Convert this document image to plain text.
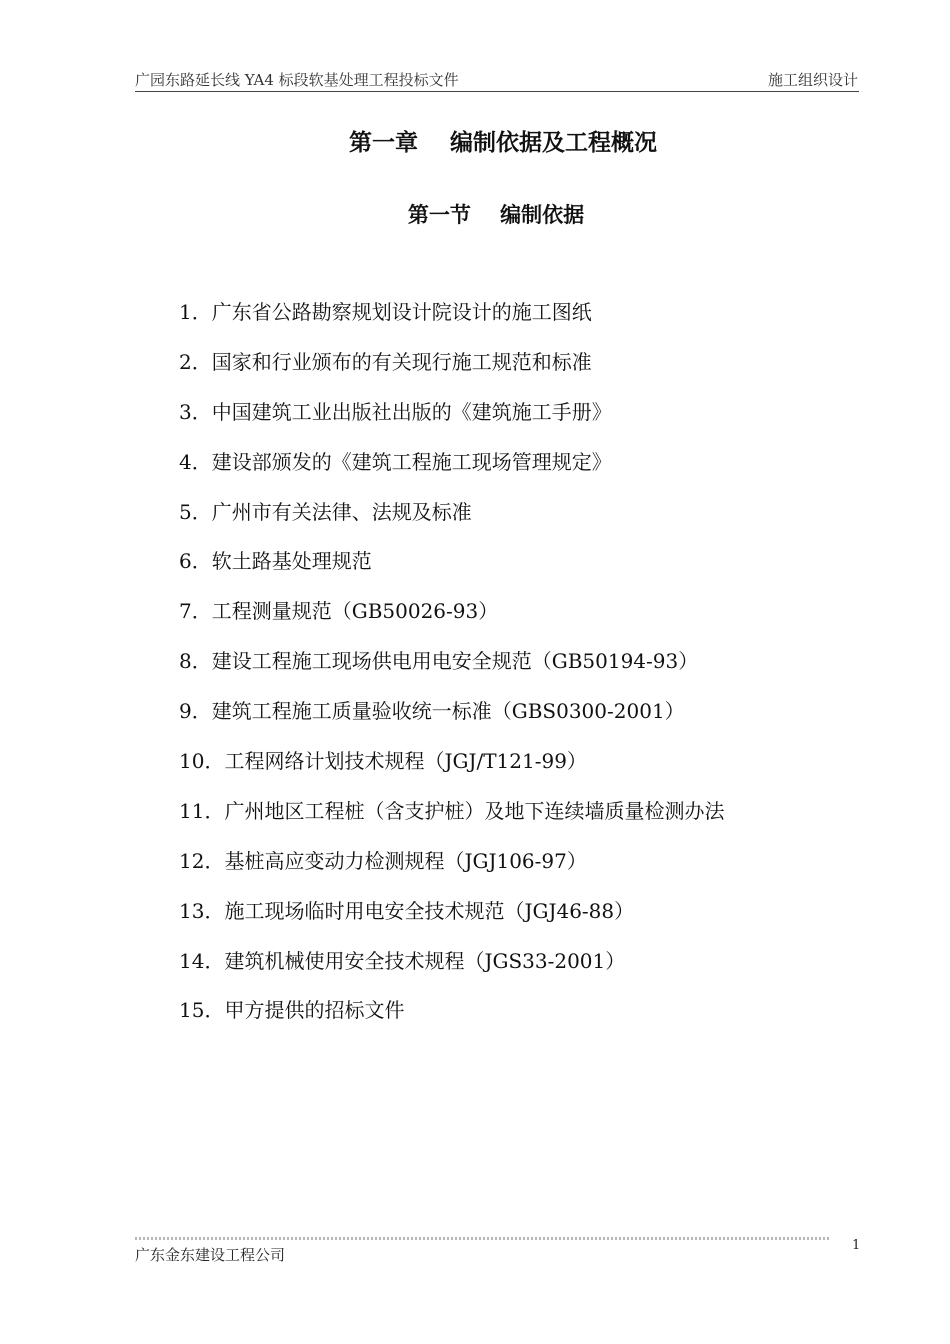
广园东路延长线 YA4 标段软基处理工程投标文件	施工组织设计
第一章    编制依据及工程概况
第一节    编制依据
1．广东省公路勘察规划设计院设计的施工图纸
2．国家和行业颁布的有关现行施工规范和标准
3．中国建筑工业出版社出版的《建筑施工手册》
4．建设部颁发的《建筑工程施工现场管理规定》
5．广州市有关法律、法规及标准
6．软土路基处理规范
7．工程测量规范（GB50026-93）
8．建设工程施工现场供电用电安全规范（GB50194-93）
9．建筑工程施工质量验收统一标准（GBS0300-2001）
10．工程网络计划技术规程（JGJ/T121-99）
11．广州地区工程桩（含支护桩）及地下连续墙质量检测办法
12．基桩高应变动力检测规程（JGJ106-97）
13．施工现场临时用电安全技术规范（JGJ46-88）
14．建筑机械使用安全技术规程（JGS33-2001）
15．甲方提供的招标文件
广东金东建设工程公司
1
